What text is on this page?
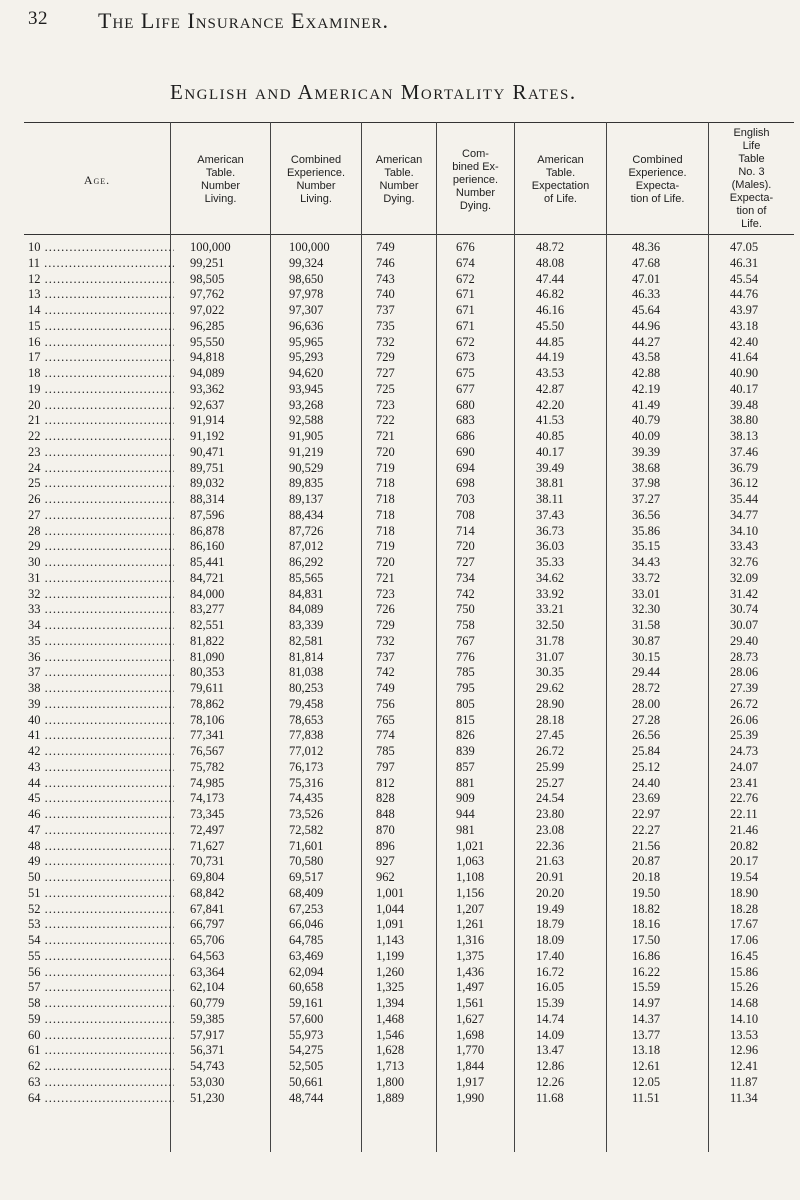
32 The Life Insurance Examiner.
English and American Mortality Rates.
Age.
American
Table.
Number
Living.
Combined
Experience.
Number
Living.
American
Table.
Number
Dying.
Com-
bined Ex-
perience.
Number
Dying.
American
Table.
Expectation
of Life.
Combined
Experience.
Expecta-
tion of Life.
English
Life
Table
No. 3
(Males).
Expecta-
tion of
Life.
10 .....	100,000	100,000	749	676	48.72	48.36	47.05
11 .....	99,251	99,324	746	674	48.08	47.68	46.31
12 .....	98,505	98,650	743	672	47.44	47.01	45.54
13 .....	97,762	97,978	740	671	46.82	46.33	44.76
14 .....	97,022	97,307	737	671	46.16	45.64	43.97
15 .....	96,285	96,636	735	671	45.50	44.96	43.18
16 .....	95,550	95,965	732	672	44.85	44.27	42.40
17 .....	94,818	95,293	729	673	44.19	43.58	41.64
18 .....	94,089	94,620	727	675	43.53	42.88	40.90
19 .....	93,362	93,945	725	677	42.87	42.19	40.17
20 .....	92,637	93,268	723	680	42.20	41.49	39.48
21 .....	91,914	92,588	722	683	41.53	40.79	38.80
22 .....	91,192	91,905	721	686	40.85	40.09	38.13
23 .....	90,471	91,219	720	690	40.17	39.39	37.46
24 .....	89,751	90,529	719	694	39.49	38.68	36.79
25 .....	89,032	89,835	718	698	38.81	37.98	36.12
26 .....	88,314	89,137	718	703	38.11	37.27	35.44
27 .....	87,596	88,434	718	708	37.43	36.56	34.77
28 .....	86,878	87,726	718	714	36.73	35.86	34.10
29 .....	86,160	87,012	719	720	36.03	35.15	33.43
30 .....	85,441	86,292	720	727	35.33	34.43	32.76
31 .....	84,721	85,565	721	734	34.62	33.72	32.09
32 .....	84,000	84,831	723	742	33.92	33.01	31.42
33 .....	83,277	84,089	726	750	33.21	32.30	30.74
34 .....	82,551	83,339	729	758	32.50	31.58	30.07
35 .....	81,822	82,581	732	767	31.78	30.87	29.40
36 .....	81,090	81,814	737	776	31.07	30.15	28.73
37 .....	80,353	81,038	742	785	30.35	29.44	28.06
38 .....	79,611	80,253	749	795	29.62	28.72	27.39
39 .....	78,862	79,458	756	805	28.90	28.00	26.72
40 .....	78,106	78,653	765	815	28.18	27.28	26.06
41 .....	77,341	77,838	774	826	27.45	26.56	25.39
42 .....	76,567	77,012	785	839	26.72	25.84	24.73
43 .....	75,782	76,173	797	857	25.99	25.12	24.07
44 .....	74,985	75,316	812	881	25.27	24.40	23.41
45 .....	74,173	74,435	828	909	24.54	23.69	22.76
46 .....	73,345	73,526	848	944	23.80	22.97	22.11
47 .....	72,497	72,582	870	981	23.08	22.27	21.46
48 .....	71,627	71,601	896	1,021	22.36	21.56	20.82
49 .....	70,731	70,580	927	1,063	21.63	20.87	20.17
50 .....	69,804	69,517	962	1,108	20.91	20.18	19.54
51 .....	68,842	68,409	1,001	1,156	20.20	19.50	18.90
52 .....	67,841	67,253	1,044	1,207	19.49	18.82	18.28
53 .....	66,797	66,046	1,091	1,261	18.79	18.16	17.67
54 .....	65,706	64,785	1,143	1,316	18.09	17.50	17.06
55 .....	64,563	63,469	1,199	1,375	17.40	16.86	16.45
56 .....	63,364	62,094	1,260	1,436	16.72	16.22	15.86
57 .....	62,104	60,658	1,325	1,497	16.05	15.59	15.26
58 .....	60,779	59,161	1,394	1,561	15.39	14.97	14.68
59 .....	59,385	57,600	1,468	1,627	14.74	14.37	14.10
60 .....	57,917	55,973	1,546	1,698	14.09	13.77	13.53
61 .....	56,371	54,275	1,628	1,770	13.47	13.18	12.96
62 .....	54,743	52,505	1,713	1,844	12.86	12.61	12.41
63 .....	53,030	50,661	1,800	1,917	12.26	12.05	11.87
64 .....	51,230	48,744	1,889	1,990	11.68	11.51	11.34
